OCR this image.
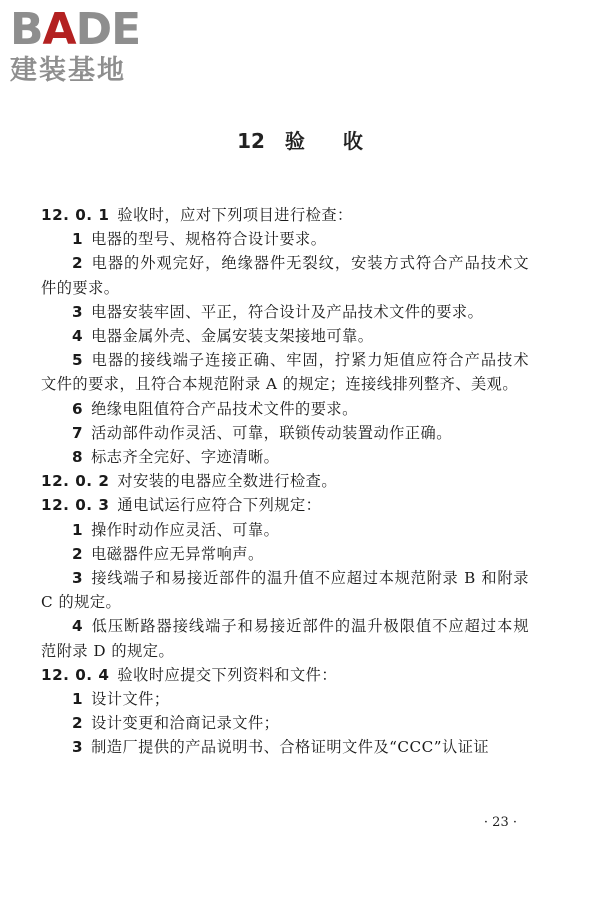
BADE
建装基地
12 验 收

12. 0. 1 验收时，应对下列项目进行检查：

1 电器的型号、规格符合设计要求。

2 电器的外观完好，绝缘器件无裂纹，安装方式符合产品技术文件的要求。

3 电器安装牢固、平正，符合设计及产品技术文件的要求。

4 电器金属外壳、金属安装支架接地可靠。

5 电器的接线端子连接正确、牢固，拧紧力矩值应符合产品技术文件的要求，且符合本规范附录 A 的规定；连接线排列整齐、美观。

6 绝缘电阻值符合产品技术文件的要求。

7 活动部件动作灵活、可靠，联锁传动装置动作正确。

8 标志齐全完好、字迹清晰。

12. 0. 2 对安装的电器应全数进行检查。

12. 0. 3 通电试运行应符合下列规定：

1 操作时动作应灵活、可靠。

2 电磁器件应无异常响声。

3 接线端子和易接近部件的温升值不应超过本规范附录 B 和附录 C 的规定。

4 低压断路器接线端子和易接近部件的温升极限值不应超过本规范附录 D 的规定。

12. 0. 4 验收时应提交下列资料和文件：

1 设计文件；

2 设计变更和洽商记录文件；

3 制造厂提供的产品说明书、合格证明文件及“CCC”认证证

· 23 ·
